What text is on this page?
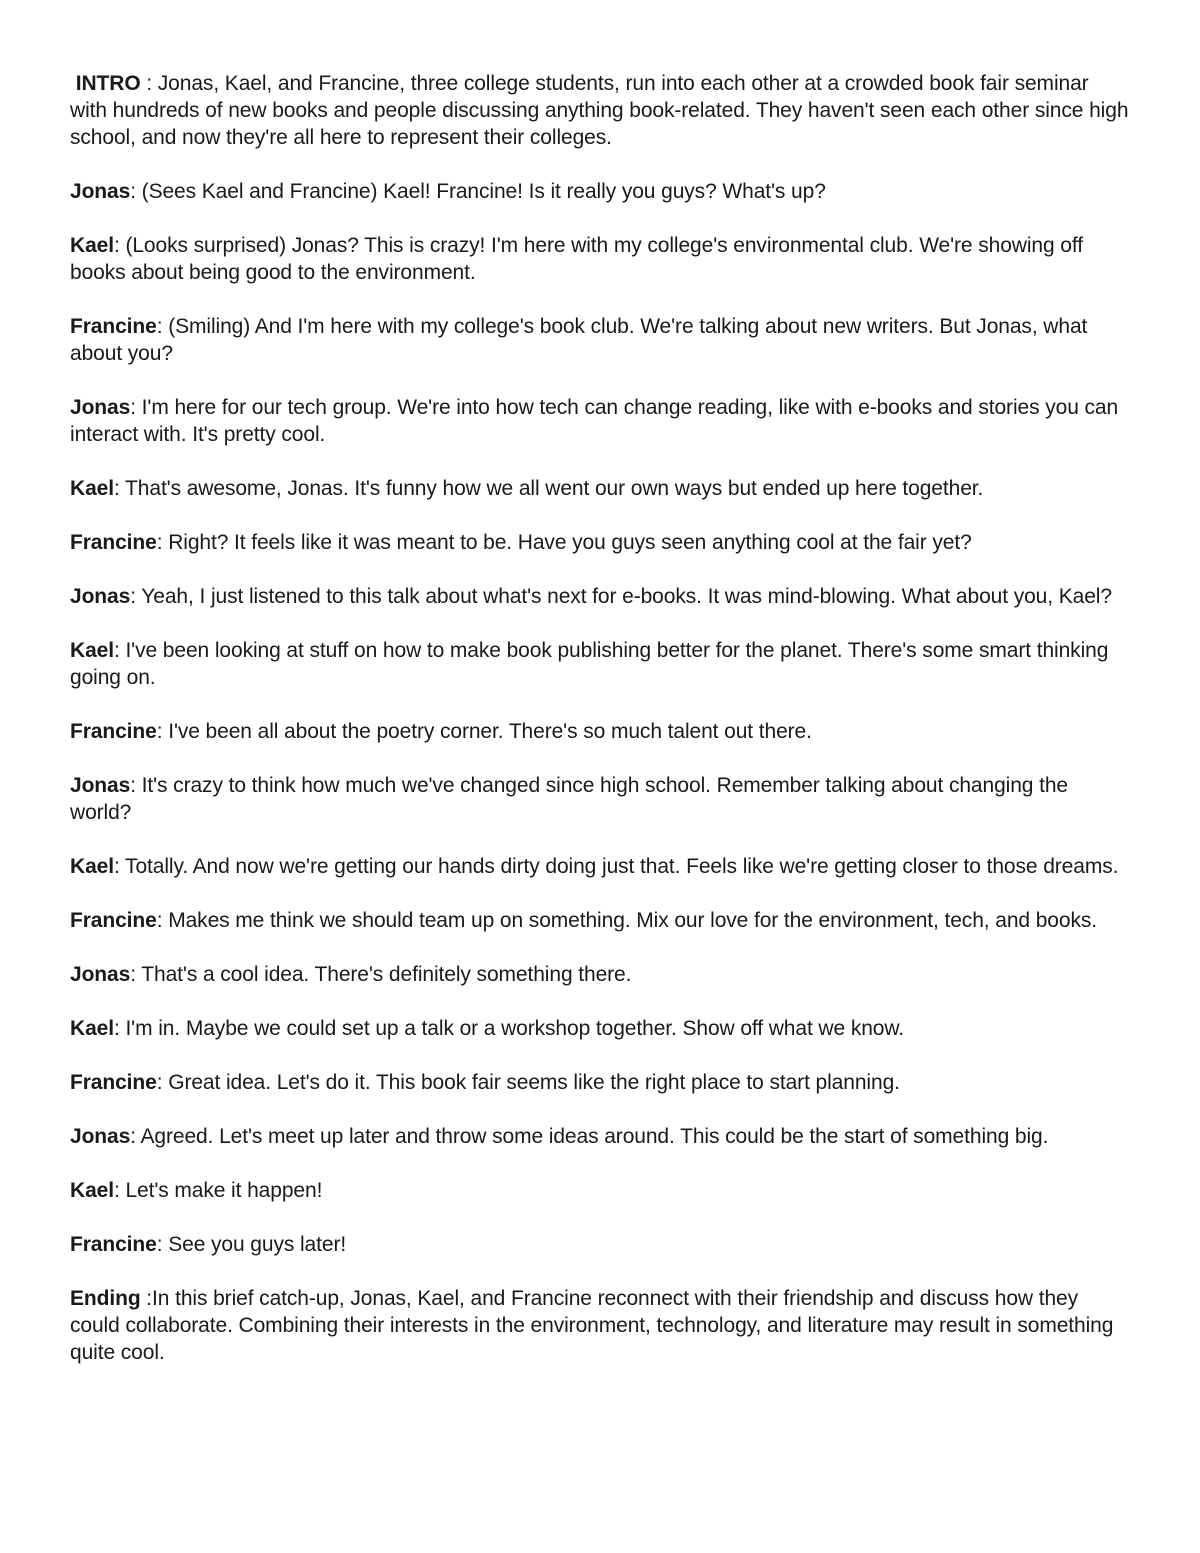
INTRO : Jonas, Kael, and Francine, three college students, run into each other at a crowded book fair seminar with hundreds of new books and people discussing anything book-related. They haven't seen each other since high school, and now they're all here to represent their colleges.

Jonas: (Sees Kael and Francine) Kael! Francine! Is it really you guys? What's up?

Kael: (Looks surprised) Jonas? This is crazy! I'm here with my college's environmental club. We're showing off books about being good to the environment.

Francine: (Smiling) And I'm here with my college's book club. We're talking about new writers. But Jonas, what about you?

Jonas: I'm here for our tech group. We're into how tech can change reading, like with e-books and stories you can interact with. It's pretty cool.

Kael: That's awesome, Jonas. It's funny how we all went our own ways but ended up here together.

Francine: Right? It feels like it was meant to be. Have you guys seen anything cool at the fair yet?

Jonas: Yeah, I just listened to this talk about what's next for e-books. It was mind-blowing. What about you, Kael?

Kael: I've been looking at stuff on how to make book publishing better for the planet. There's some smart thinking going on.

Francine: I've been all about the poetry corner. There's so much talent out there.

Jonas: It's crazy to think how much we've changed since high school. Remember talking about changing the world?

Kael: Totally. And now we're getting our hands dirty doing just that. Feels like we're getting closer to those dreams.

Francine: Makes me think we should team up on something. Mix our love for the environment, tech, and books.

Jonas: That's a cool idea. There's definitely something there.

Kael: I'm in. Maybe we could set up a talk or a workshop together. Show off what we know.

Francine: Great idea. Let's do it. This book fair seems like the right place to start planning.

Jonas: Agreed. Let's meet up later and throw some ideas around. This could be the start of something big.

Kael: Let's make it happen!

Francine: See you guys later!

Ending :In this brief catch-up, Jonas, Kael, and Francine reconnect with their friendship and discuss how they could collaborate. Combining their interests in the environment, technology, and literature may result in something quite cool.
